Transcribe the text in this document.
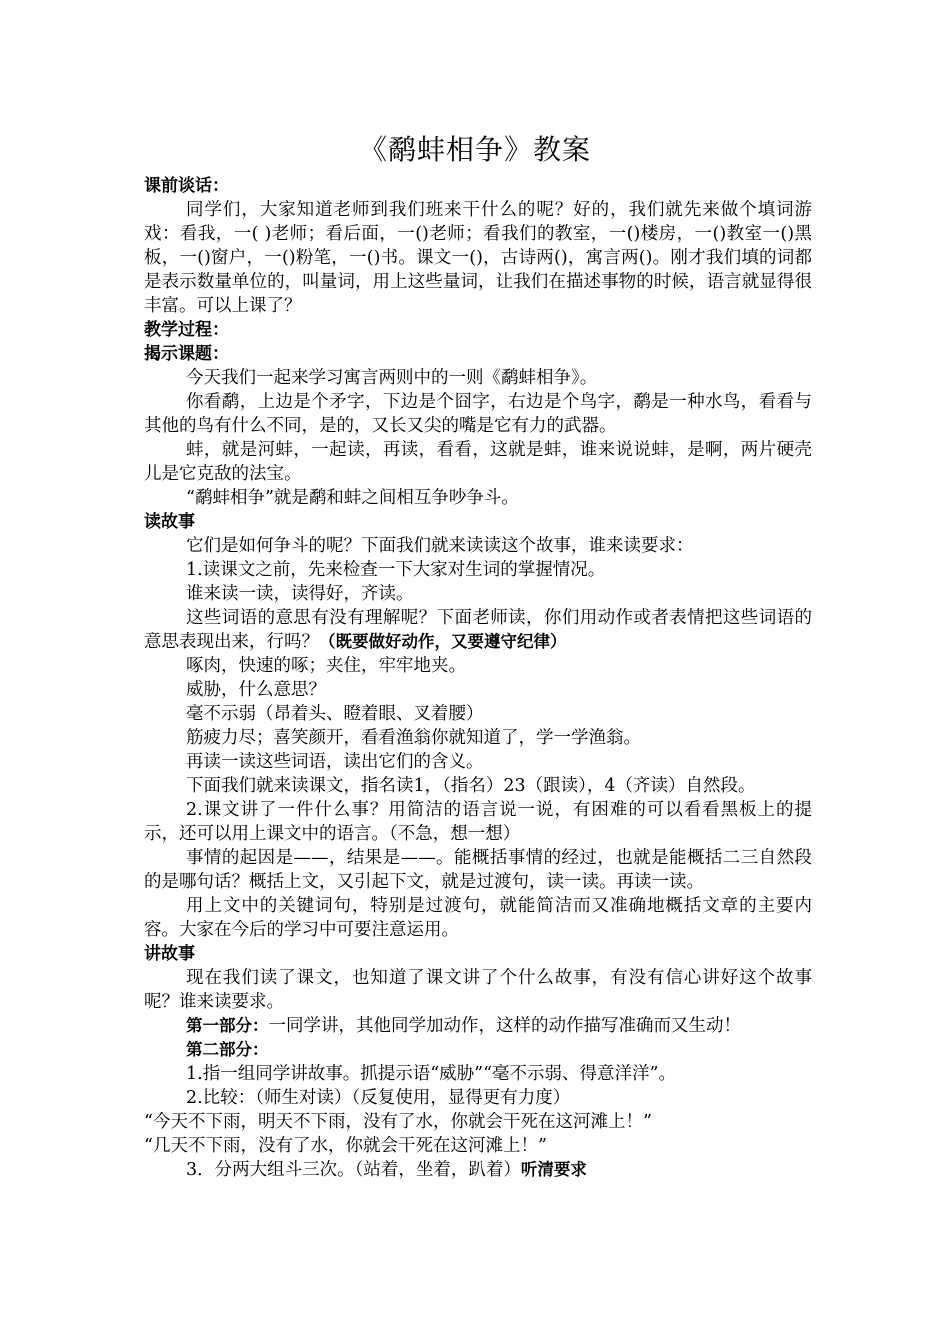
《鹬蚌相争》教案

课前谈话：

同学们，大家知道老师到我们班来干什么的呢？好的，我们就先来做个填词游戏：看我，一( )老师；看后面，一()老师；看我们的教室，一()楼房，一()教室一()黑板，一()窗户，一()粉笔，一()书。课文一()，古诗两()，寓言两()。刚才我们填的词都是表示数量单位的，叫量词，用上这些量词，让我们在描述事物的时候，语言就显得很丰富。可以上课了？

教学过程：

揭示课题：

今天我们一起来学习寓言两则中的一则《鹬蚌相争》。

你看鹬，上边是个矛字，下边是个囧字，右边是个鸟字，鹬是一种水鸟，看看与其他的鸟有什么不同，是的，又长又尖的嘴是它有力的武器。

蚌，就是河蚌，一起读，再读，看看，这就是蚌，谁来说说蚌，是啊，两片硬壳儿是它克敌的法宝。

“鹬蚌相争”就是鹬和蚌之间相互争吵争斗。

读故事

它们是如何争斗的呢？下面我们就来读读这个故事，谁来读要求：

1.读课文之前，先来检查一下大家对生词的掌握情况。

谁来读一读，读得好，齐读。

这些词语的意思有没有理解呢？下面老师读，你们用动作或者表情把这些词语的意思表现出来，行吗？（既要做好动作，又要遵守纪律）

啄肉，快速的啄；夹住，牢牢地夹。

威胁，什么意思？

毫不示弱（昂着头、瞪着眼、叉着腰）

筋疲力尽；喜笑颜开，看看渔翁你就知道了，学一学渔翁。

再读一读这些词语，读出它们的含义。

下面我们就来读课文，指名读1，（指名）23（跟读），4（齐读）自然段。

2.课文讲了一件什么事？用简洁的语言说一说，有困难的可以看看黑板上的提示，还可以用上课文中的语言。（不急，想一想）

事情的起因是——，结果是——。能概括事情的经过，也就是能概括二三自然段的是哪句话？概括上文，又引起下文，就是过渡句，读一读。再读一读。

用上文中的关键词句，特别是过渡句，就能简洁而又准确地概括文章的主要内容。大家在今后的学习中可要注意运用。

讲故事

现在我们读了课文，也知道了课文讲了个什么故事，有没有信心讲好这个故事呢？谁来读要求。

第一部分：一同学讲，其他同学加动作，这样的动作描写准确而又生动！

第二部分：

1.指一组同学讲故事。抓提示语“威胁”“毫不示弱、得意洋洋”。

2.比较：（师生对读）（反复使用，显得更有力度）

“今天不下雨，明天不下雨，没有了水，你就会干死在这河滩上！”

“几天不下雨，没有了水，你就会干死在这河滩上！”

3．分两大组斗三次。（站着，坐着，趴着）听清要求
